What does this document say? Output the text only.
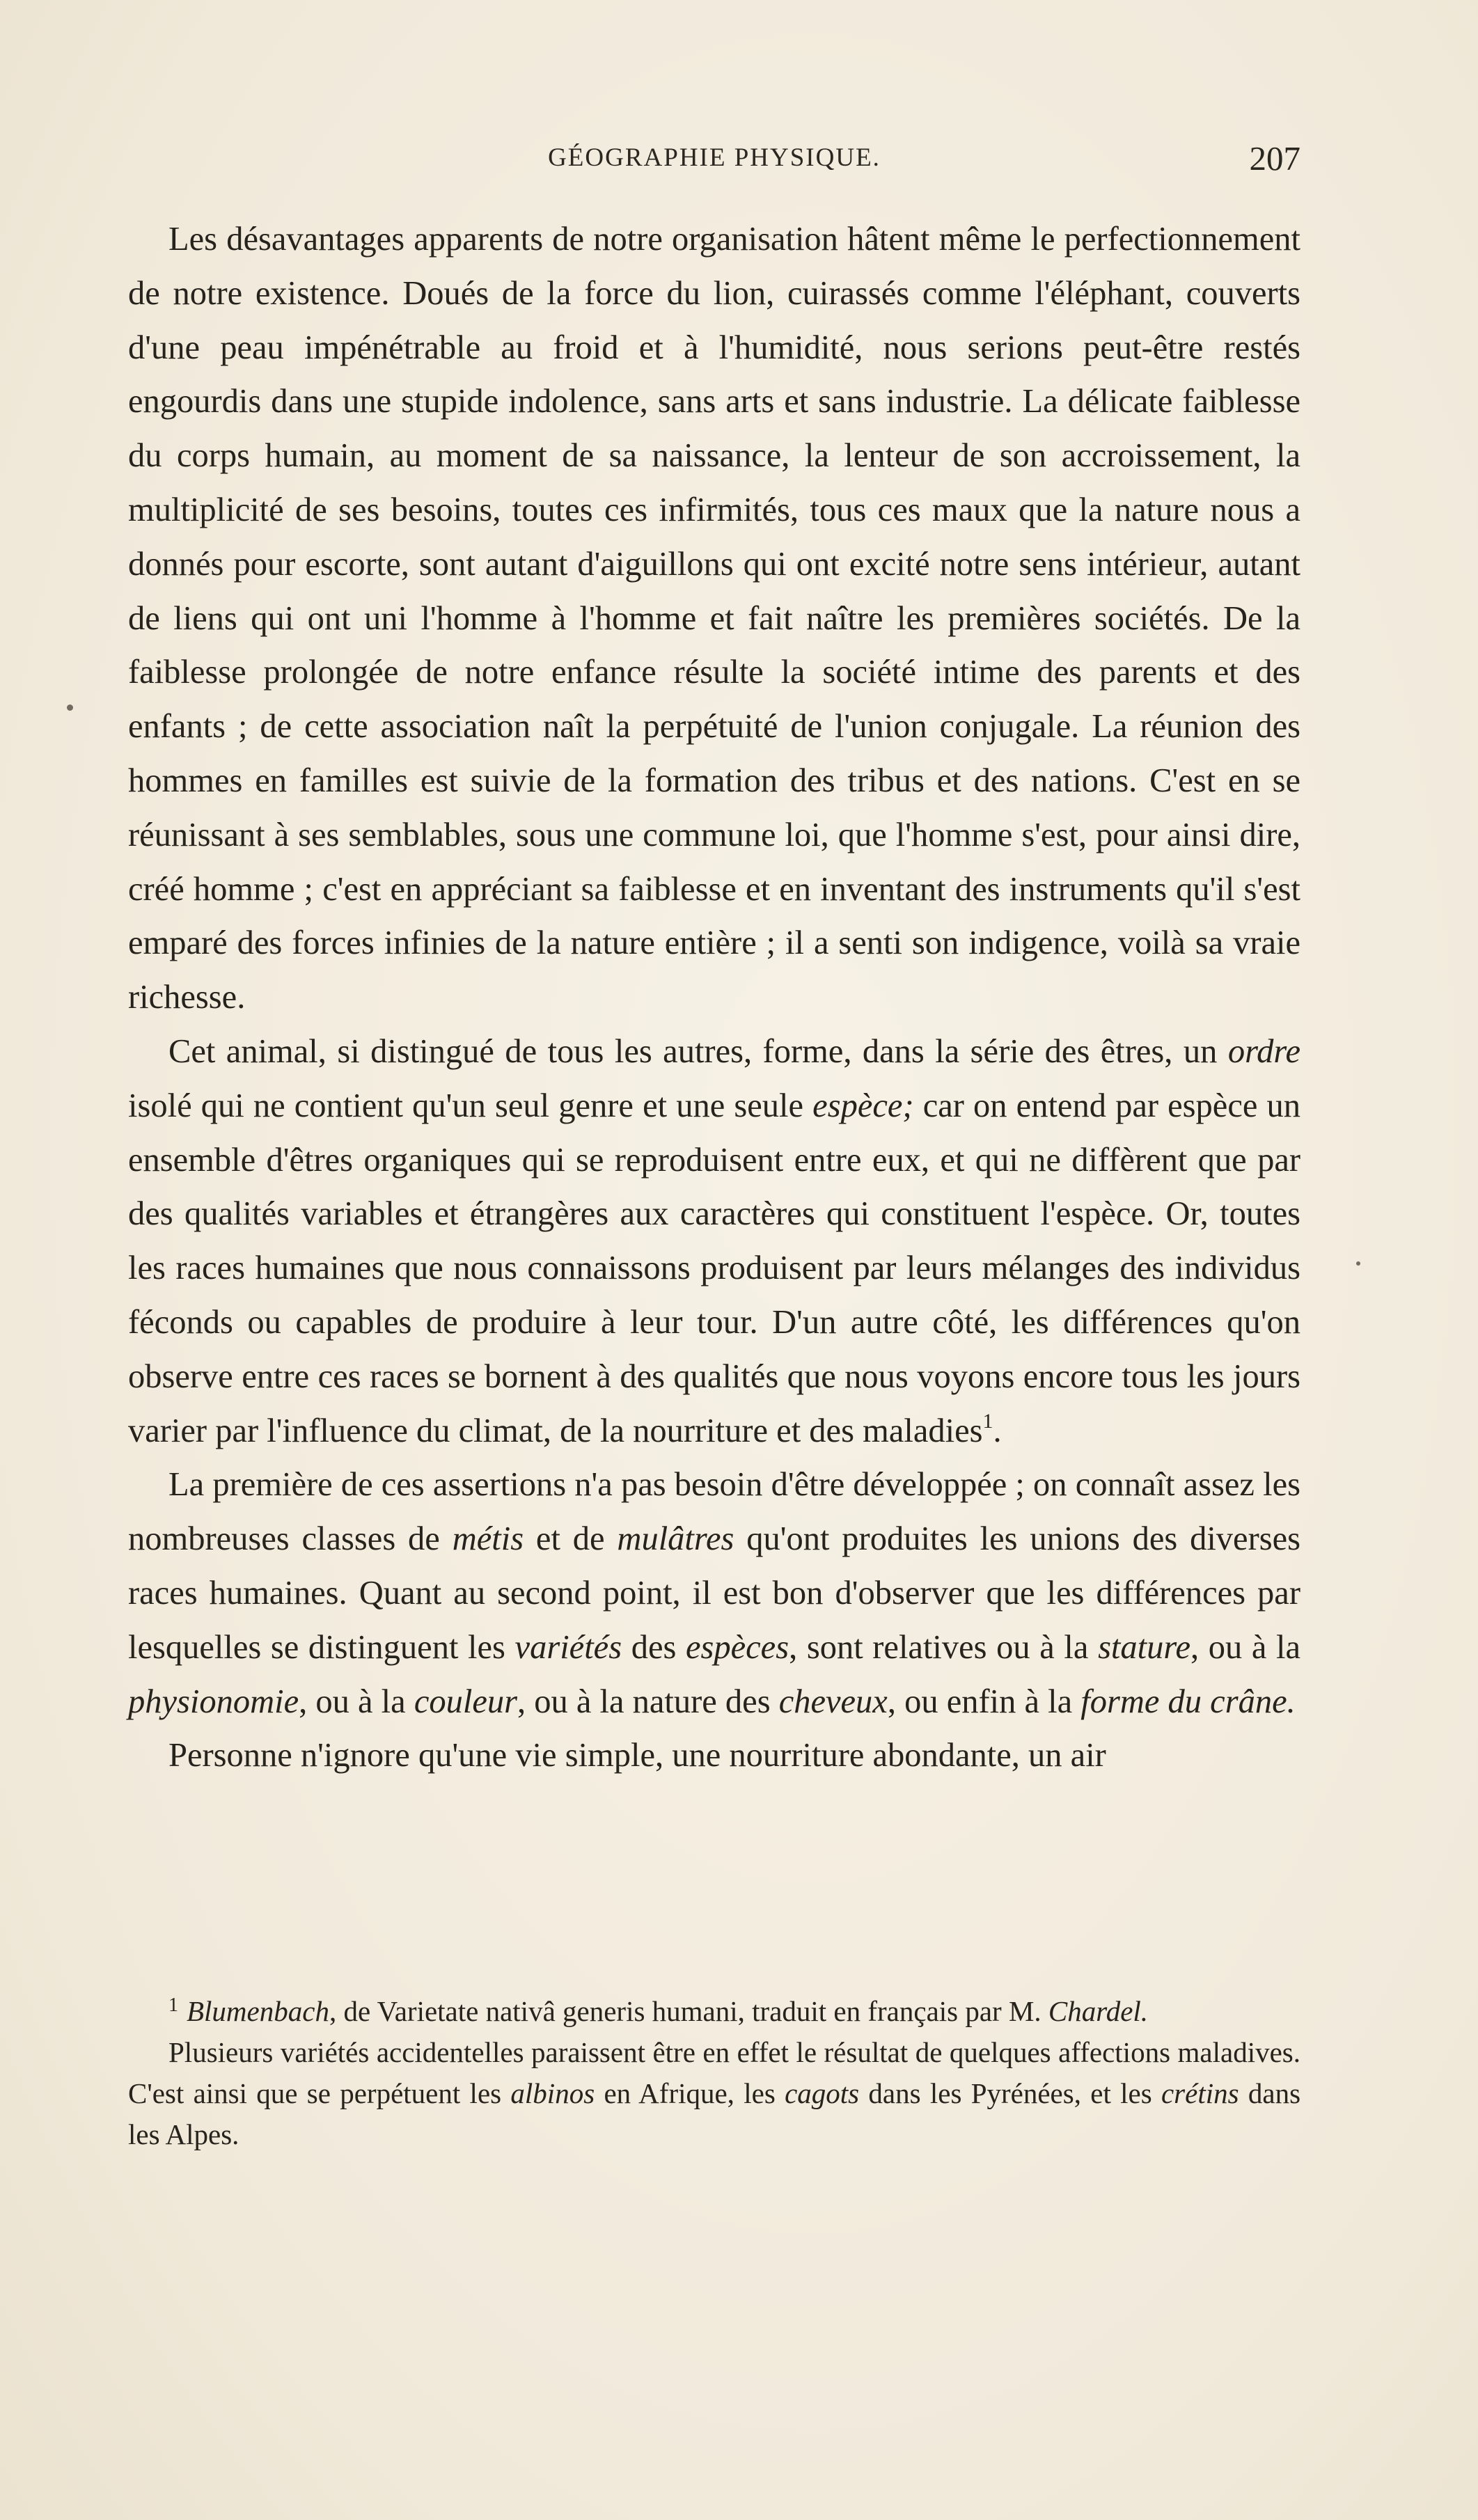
GÉOGRAPHIE PHYSIQUE.	207

Les désavantages apparents de notre organisation hâtent même le perfectionnement de notre existence. Doués de la force du lion, cuirassés comme l'éléphant, couverts d'une peau impénétrable au froid et à l'humidité, nous serions peut-être restés engourdis dans une stupide indolence, sans arts et sans industrie. La délicate faiblesse du corps humain, au moment de sa naissance, la lenteur de son accroissement, la multiplicité de ses besoins, toutes ces infirmités, tous ces maux que la nature nous a donnés pour escorte, sont autant d'aiguillons qui ont excité notre sens intérieur, autant de liens qui ont uni l'homme à l'homme et fait naître les premières sociétés. De la faiblesse prolongée de notre enfance résulte la société intime des parents et des enfants ; de cette association naît la perpétuité de l'union conjugale. La réunion des hommes en familles est suivie de la formation des tribus et des nations. C'est en se réunissant à ses semblables, sous une commune loi, que l'homme s'est, pour ainsi dire, créé homme ; c'est en appréciant sa faiblesse et en inventant des instruments qu'il s'est emparé des forces infinies de la nature entière ; il a senti son indigence, voilà sa vraie richesse.

Cet animal, si distingué de tous les autres, forme, dans la série des êtres, un ordre isolé qui ne contient qu'un seul genre et une seule espèce; car on entend par espèce un ensemble d'êtres organiques qui se reproduisent entre eux, et qui ne diffèrent que par des qualités variables et étrangères aux caractères qui constituent l'espèce. Or, toutes les races humaines que nous connaissons produisent par leurs mélanges des individus féconds ou capables de produire à leur tour. D'un autre côté, les différences qu'on observe entre ces races se bornent à des qualités que nous voyons encore tous les jours varier par l'influence du climat, de la nourriture et des maladies$^1$.

La première de ces assertions n'a pas besoin d'être développée ; on connaît assez les nombreuses classes de métis et de mulâtres qu'ont produites les unions des diverses races humaines. Quant au second point, il est bon d'observer que les différences par lesquelles se distinguent les variétés des espèces, sont relatives ou à la stature, ou à la physionomie, ou à la couleur, ou à la nature des cheveux, ou enfin à la forme du crâne.

Personne n'ignore qu'une vie simple, une nourriture abondante, un air

$^1$ Blumenbach, de Varietate nativâ generis humani, traduit en français par M. Chardel.

Plusieurs variétés accidentelles paraissent être en effet le résultat de quelques affections maladives. C'est ainsi que se perpétuent les albinos en Afrique, les cagots dans les Pyrénées, et les crétins dans les Alpes.
